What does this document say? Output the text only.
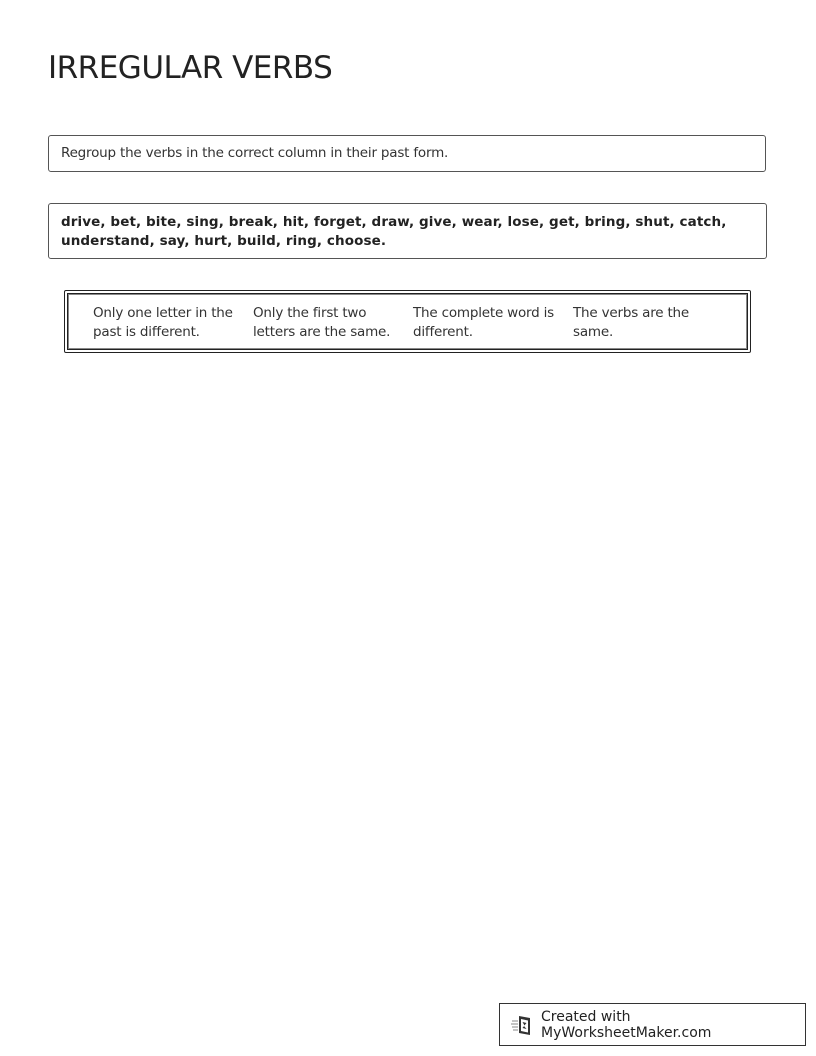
IRREGULAR VERBS
Regroup the verbs in the correct column in their past form.
drive, bet, bite, sing, break, hit, forget, draw, give, wear, lose, get, bring, shut, catch,
understand, say, hurt, build, ring, choose.
Only one letter in the
past is different.
Only the first two
letters are the same.
The complete word is
different.
The verbs are the
same.
Created with MyWorksheetMaker.com
